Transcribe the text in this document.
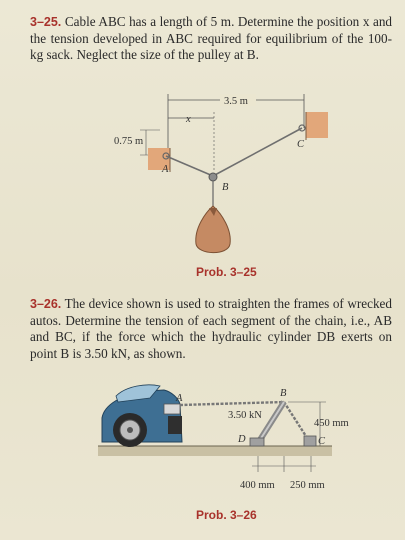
3–25. Cable ABC has a length of 5 m. Determine the position x and the tension developed in ABC required for equilibrium of the 100-kg sack. Neglect the size of the pulley at B.
3.5 m
x
0.75 m
A
C
B
Prob. 3–25
3–26. The device shown is used to straighten the frames of wrecked autos. Determine the tension of each segment of the chain, i.e., AB and BC, if the force which the hydraulic cylinder DB exerts on point B is 3.50 kN, as shown.
A	B
D
3.50 kN
C
450 mm
400 mm 250 mm
Prob. 3–26
